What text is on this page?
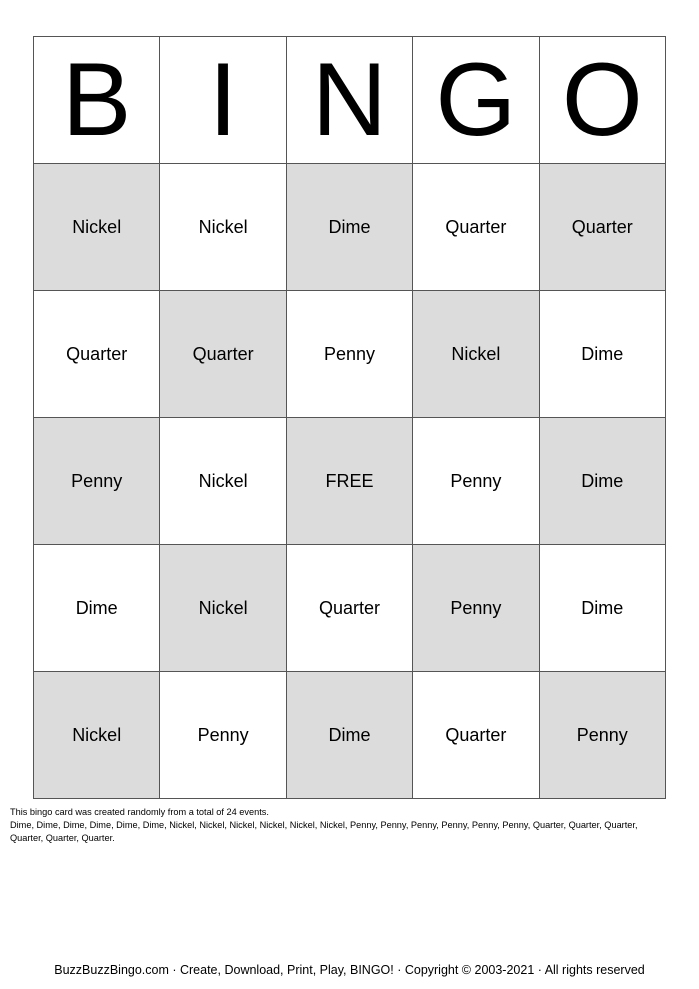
B	I	N	G	O
Nickel	Nickel	Dime	Quarter	Quarter
Quarter	Quarter	Penny	Nickel	Dime
Penny	Nickel	FREE	Penny	Dime
Dime	Nickel	Quarter	Penny	Dime
Nickel	Penny	Dime	Quarter	Penny
This bingo card was created randomly from a total of 24 events.
Dime, Dime, Dime, Dime, Dime, Dime, Nickel, Nickel, Nickel, Nickel, Nickel, Nickel, Penny, Penny, Penny, Penny, Penny, Penny, Quarter, Quarter, Quarter, Quarter, Quarter, Quarter.
BuzzBuzzBingo.com · Create, Download, Print, Play, BINGO! · Copyright © 2003-2021 · All rights reserved
